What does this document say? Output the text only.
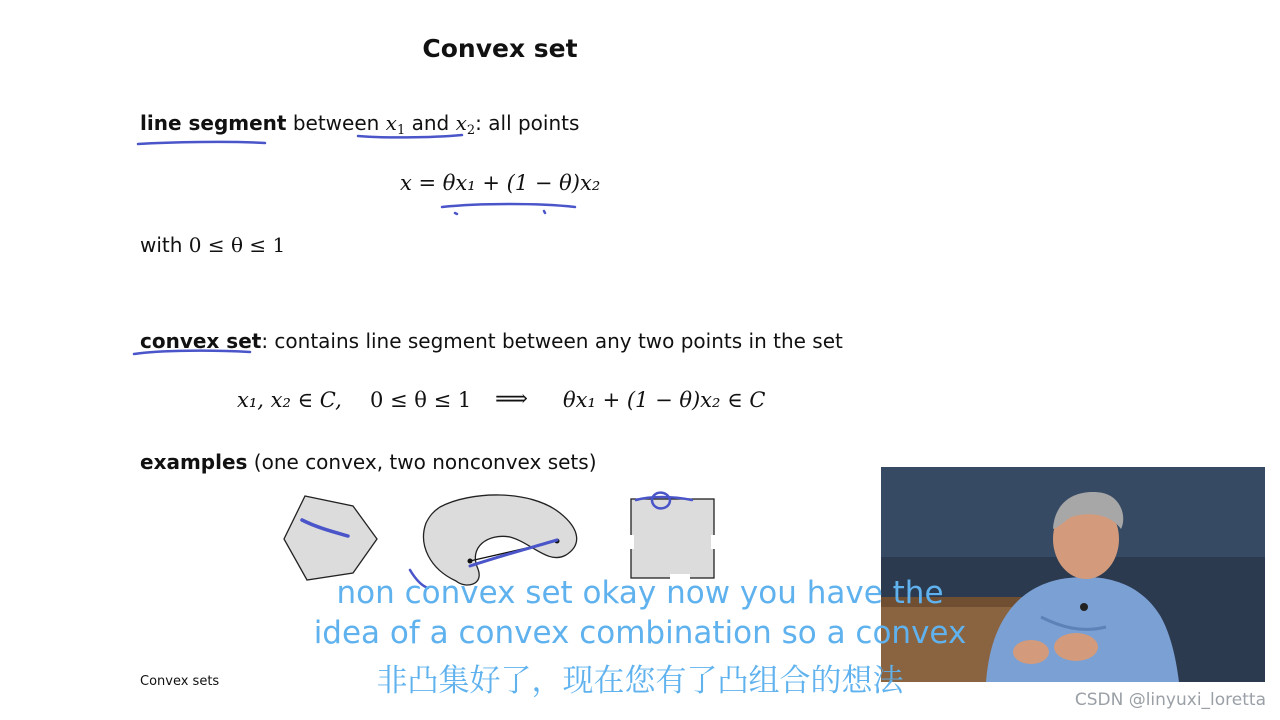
Convex set
line segment between $x_1$ and $x_2$: all points
x = θx₁ + (1 − θ)x₂
with 0 ≤ θ ≤ 1
convex set: contains line segment between any two points in the set
x₁, x₂ ∈ C, 0 ≤ θ ≤ 1 ⟹ θx₁ + (1 − θ)x₂ ∈ C
examples (one convex, two nonconvex sets)
Convex sets
non convex set okay now you have the
idea of a convex combination so a convex
非凸集好了，现在您有了凸组合的想法
CSDN @linyuxi_loretta
